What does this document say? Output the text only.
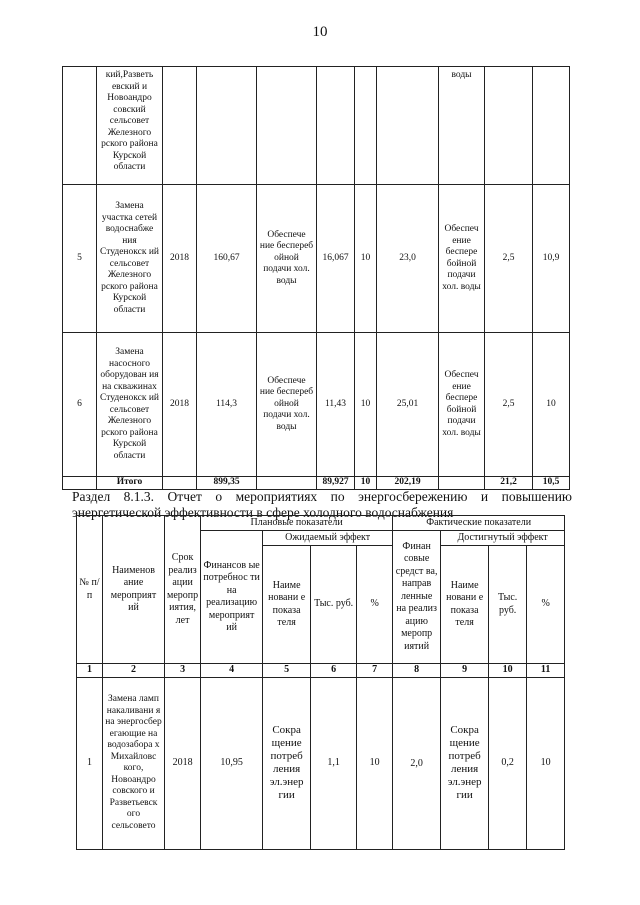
10
	кий,Разветь евский и Новоандро совский сельсовет Железного рского района Курской области							воды		
5	Замена участка сетей водоснабже ния Студенокск ий сельсовет Железного рского района Курской области	2018	160,67	Обеспече ние беспереб ойной подачи хол. воды	16,067	10	23,0	Обеспеч ение беспере бойной подачи хол. воды	2,5	10,9
6	Замена насосного оборудован ия на скважинах Студенокск ий сельсовет Железного рского района Курской области	2018	114,3	Обеспече ние беспереб ойной подачи хол. воды	11,43	10	25,01	Обеспеч ение беспере бойной подачи хол. воды	2,5	10
	Итого		899,35		89,927	10	202,19		21,2	10,5
Раздел 8.1.3. Отчет о мероприятиях по энергосбережению и повышению энергетической эффективности в сфере холодного водоснабжения
№ п/п	Наименов ание мероприят ий	Срок реализ ации меропр иятия, лет	Плановые показатели				Фактические показатели			
			Финансов ые потребнос ти на реализацию мероприят ий	Ожидаемый эффект			Финан совые средст ва, направ ленные на реализ ацию меропр иятий	Достигнутый эффект		
				Наиме новани е показа теля	Тыс. руб.	%		Наиме новани е показа теля	Тыс. руб.	%
1	2	3	4	5	6	7	8	9	10	11
1	Замена ламп накаливани я на энергосбер егающие на водозабора х Михайловс кого, Новоандро совского и Разветьевск ого сельсовето	2018	10,95	Сокра щение потреб ления эл.энер гии	1,1	10	2,0	Сокра щение потреб ления эл.энер гии	0,2	10
